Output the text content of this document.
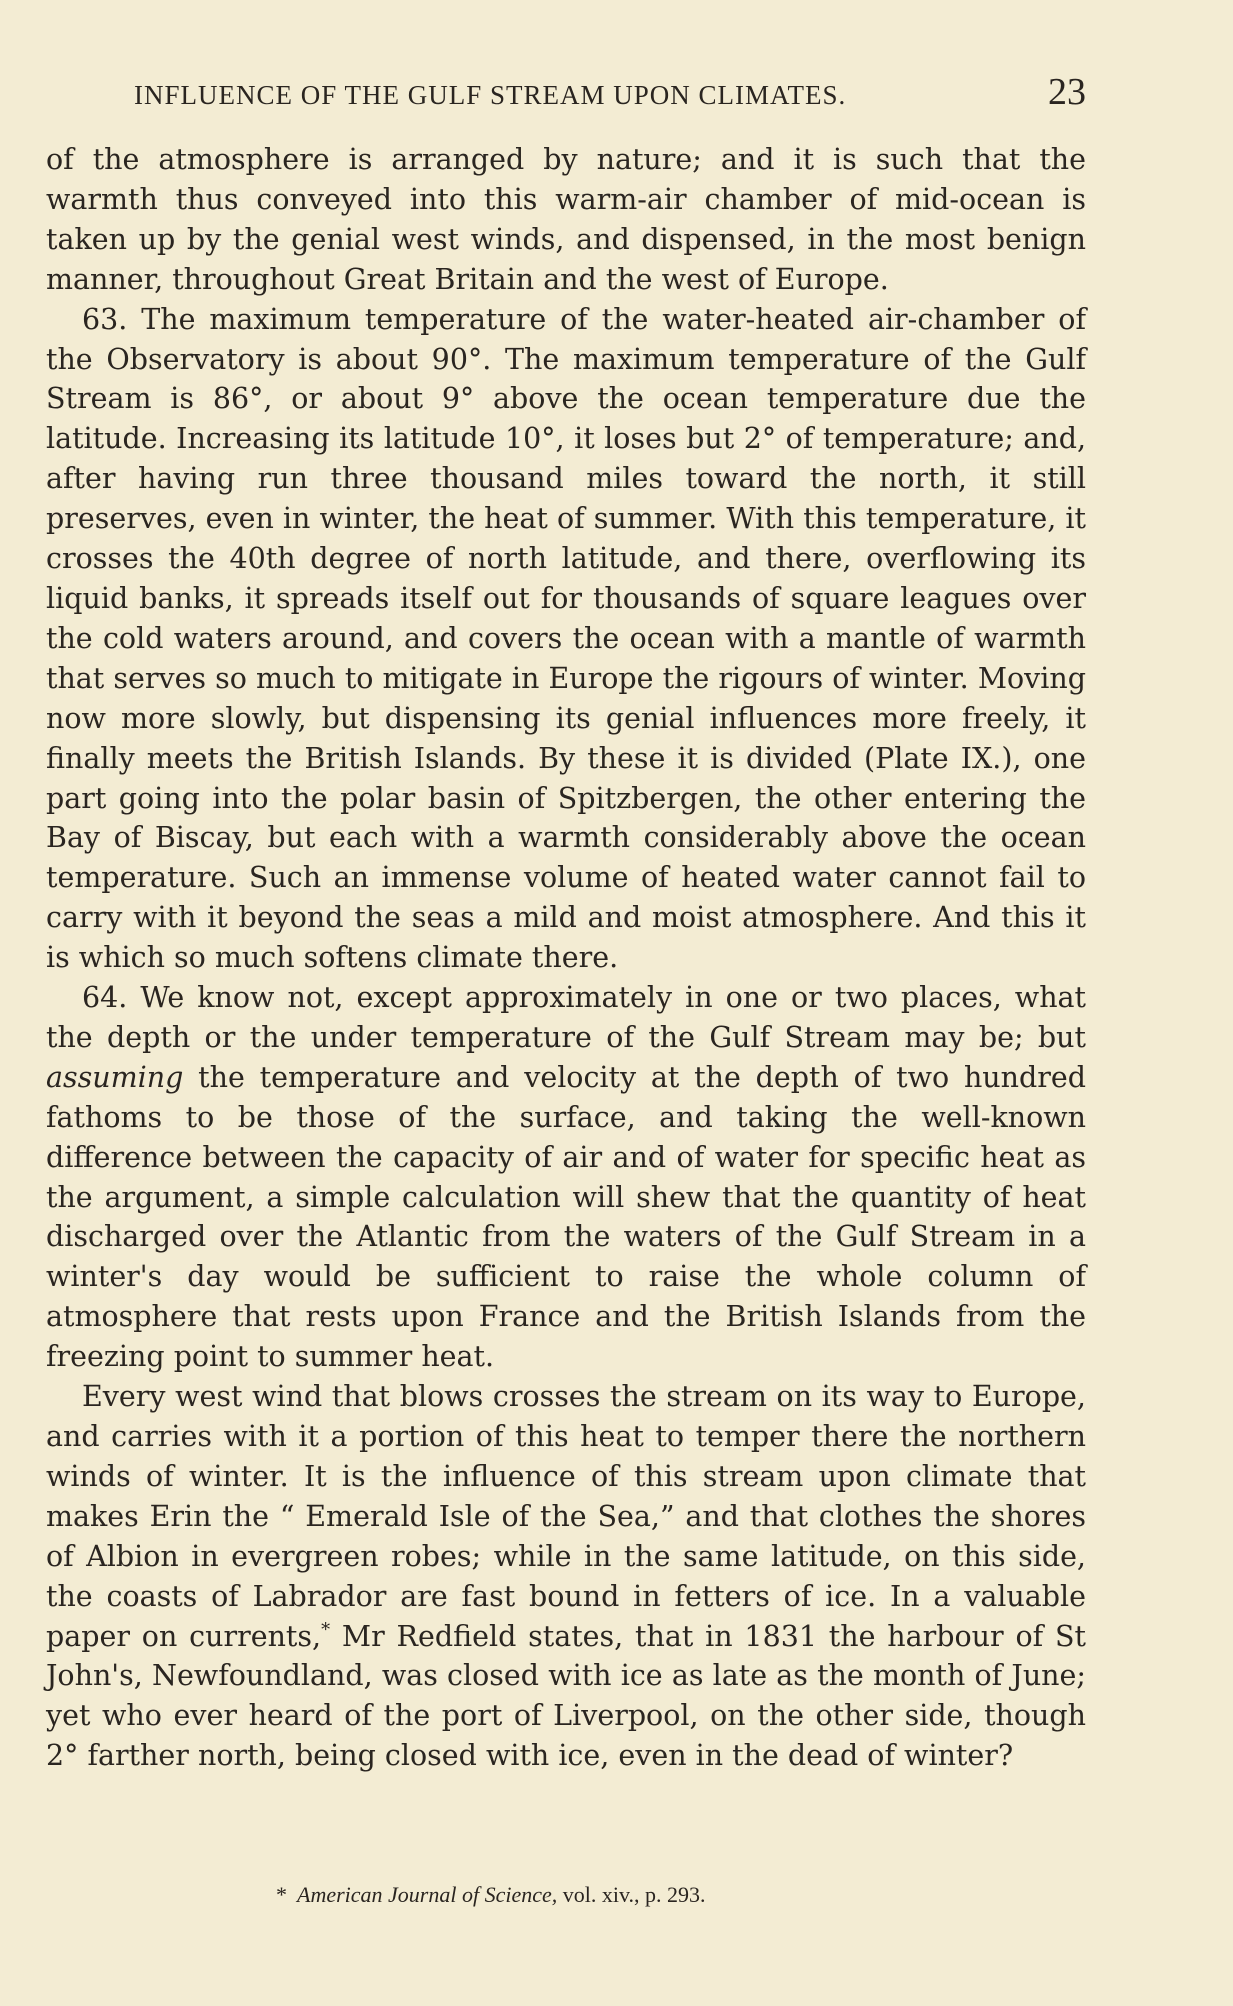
INFLUENCE OF THE GULF STREAM UPON CLIMATES.	23

of the atmosphere is arranged by nature; and it is such that the warmth thus conveyed into this warm-air chamber of mid-ocean is taken up by the genial west winds, and dispensed, in the most benign manner, throughout Great Britain and the west of Europe.

63. The maximum temperature of the water-heated air-chamber of the Observatory is about 90°. The maximum temperature of the Gulf Stream is 86°, or about 9° above the ocean temperature due the latitude. Increasing its latitude 10°, it loses but 2° of temperature; and, after having run three thousand miles toward the north, it still preserves, even in winter, the heat of summer. With this temperature, it crosses the 40th degree of north latitude, and there, overflowing its liquid banks, it spreads itself out for thousands of square leagues over the cold waters around, and covers the ocean with a mantle of warmth that serves so much to mitigate in Europe the rigours of winter. Moving now more slowly, but dispensing its genial influences more freely, it finally meets the British Islands. By these it is divided (Plate IX.), one part going into the polar basin of Spitzbergen, the other entering the Bay of Biscay, but each with a warmth considerably above the ocean temperature. Such an immense volume of heated water cannot fail to carry with it beyond the seas a mild and moist atmosphere. And this it is which so much softens climate there.

64. We know not, except approximately in one or two places, what the depth or the under temperature of the Gulf Stream may be; but assuming the temperature and velocity at the depth of two hundred fathoms to be those of the surface, and taking the well-known difference between the capacity of air and of water for specific heat as the argument, a simple calculation will shew that the quantity of heat discharged over the Atlantic from the waters of the Gulf Stream in a winter's day would be sufficient to raise the whole column of atmosphere that rests upon France and the British Islands from the freezing point to summer heat.

Every west wind that blows crosses the stream on its way to Europe, and carries with it a portion of this heat to temper there the northern winds of winter. It is the influence of this stream upon climate that makes Erin the “ Emerald Isle of the Sea,” and that clothes the shores of Albion in evergreen robes; while in the same latitude, on this side, the coasts of Labrador are fast bound in fetters of ice. In a valuable paper on currents,* Mr Redfield states, that in 1831 the harbour of St John's, Newfoundland, was closed with ice as late as the month of June; yet who ever heard of the port of Liverpool, on the other side, though 2° farther north, being closed with ice, even in the dead of winter?

* American Journal of Science, vol. xiv., p. 293.
